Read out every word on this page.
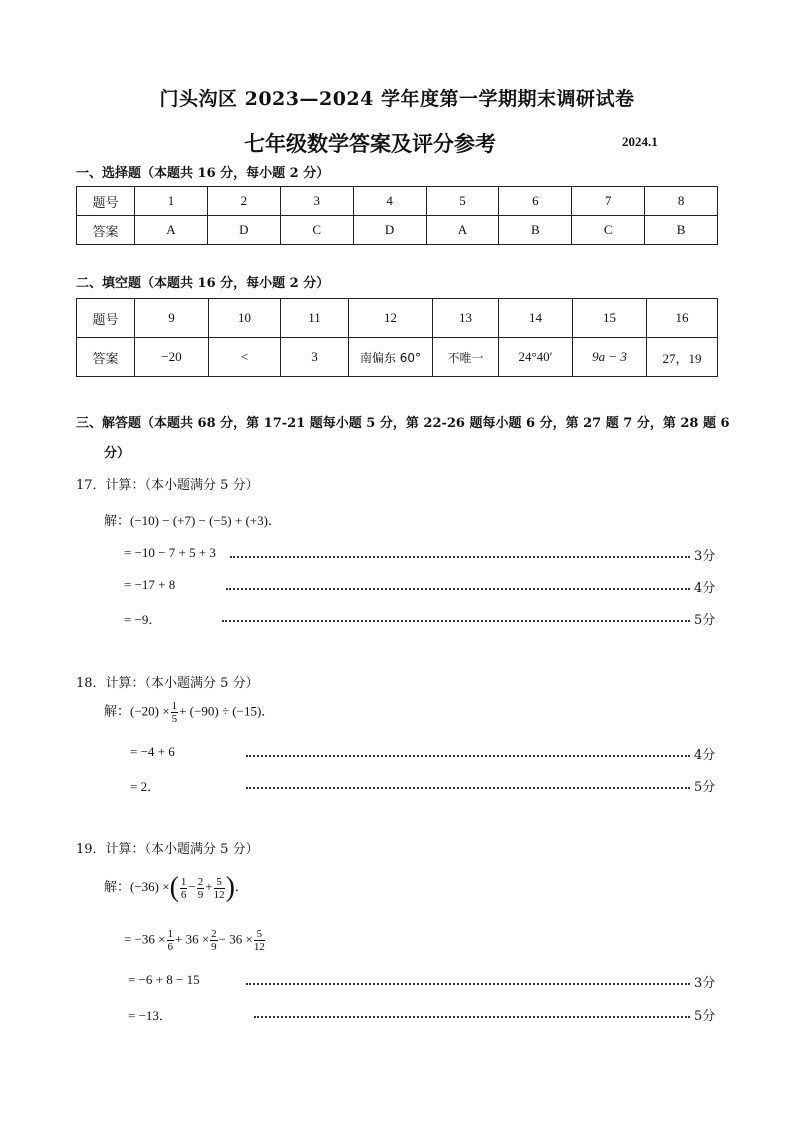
门头沟区 2023—2024 学年度第一学期期末调研试卷
七年级数学答案及评分参考	2024.1
一、选择题（本题共 16 分，每小题 2 分）
题号	1	2	3	4	5	6	7	8
答案	A	D	C	D	A	B	C	B
二、填空题（本题共 16 分，每小题 2 分）
题号	9	10	11	12	13	14	15	16
答案	−20	<	3	南偏东 60°	不唯一	24°40′	9a − 3	27，19
三、解答题（本题共 68 分，第 17-21 题每小题 5 分，第 22-26 题每小题 6 分，第 27 题 7 分，第 28 题 6
分）
17．计算：（本小题满分 5 分）
解：(−10) − (+7) − (−5) + (+3)．
= −10 − 7 + 5 + 3	3分
= −17 + 8	4分
= −9．	5分
18．计算：（本小题满分 5 分）
解：$(-20) \times \frac{1}{5} + (-90) \div (-15)$．
= −4 + 6	4分
= 2．	5分
19．计算：（本小题满分 5 分）
解：(−36) ×( $\frac{1}{6} - \frac{2}{9} + \frac{5}{12}$ )．
= $-36 \times \frac{1}{6} + 36 \times \frac{2}{9} - 36 \times \frac{5}{12}$
= −6 + 8 − 15	3分
= −13．	5分
